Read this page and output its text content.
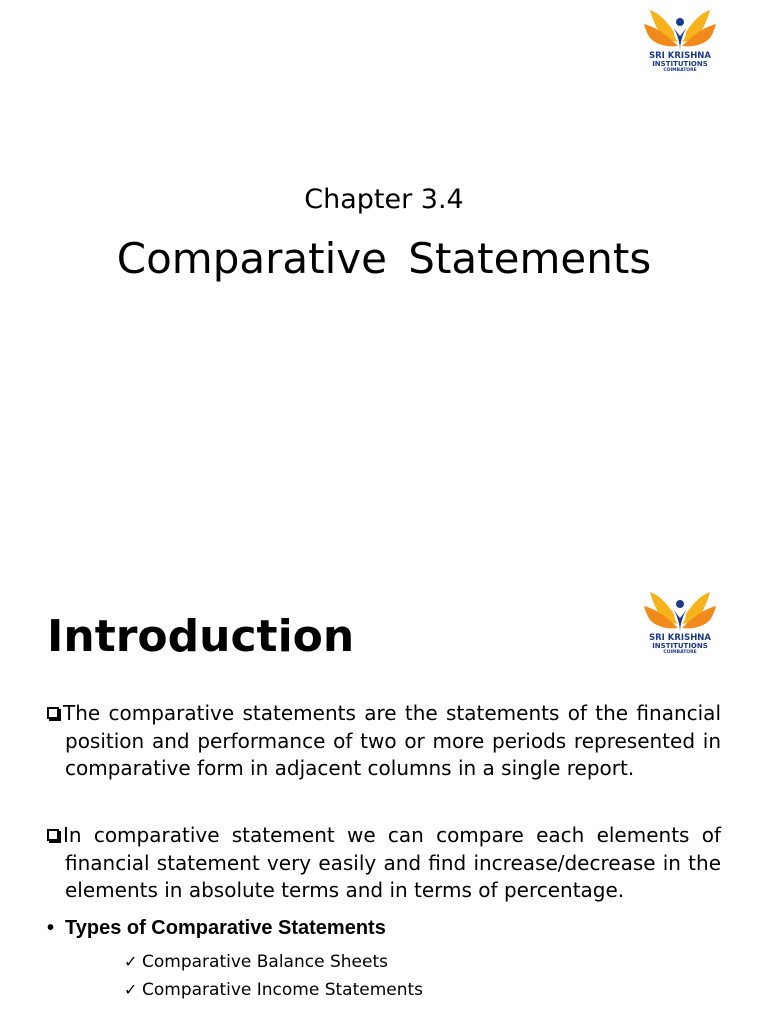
SRI KRISHNA
INSTITUTIONS
COIMBATORE
Chapter 3.4
Comparative Statements
SRI KRISHNA
INSTITUTIONS
COIMBATORE
Introduction
The comparative statements are the statements of the financial position and performance of two or more periods represented in comparative form in adjacent columns in a single report.
In comparative statement we can compare each elements of financial statement very easily and find increase/decrease in the elements in absolute terms and in terms of percentage.
• Types of Comparative Statements
✓ Comparative Balance Sheets
✓ Comparative Income Statements
